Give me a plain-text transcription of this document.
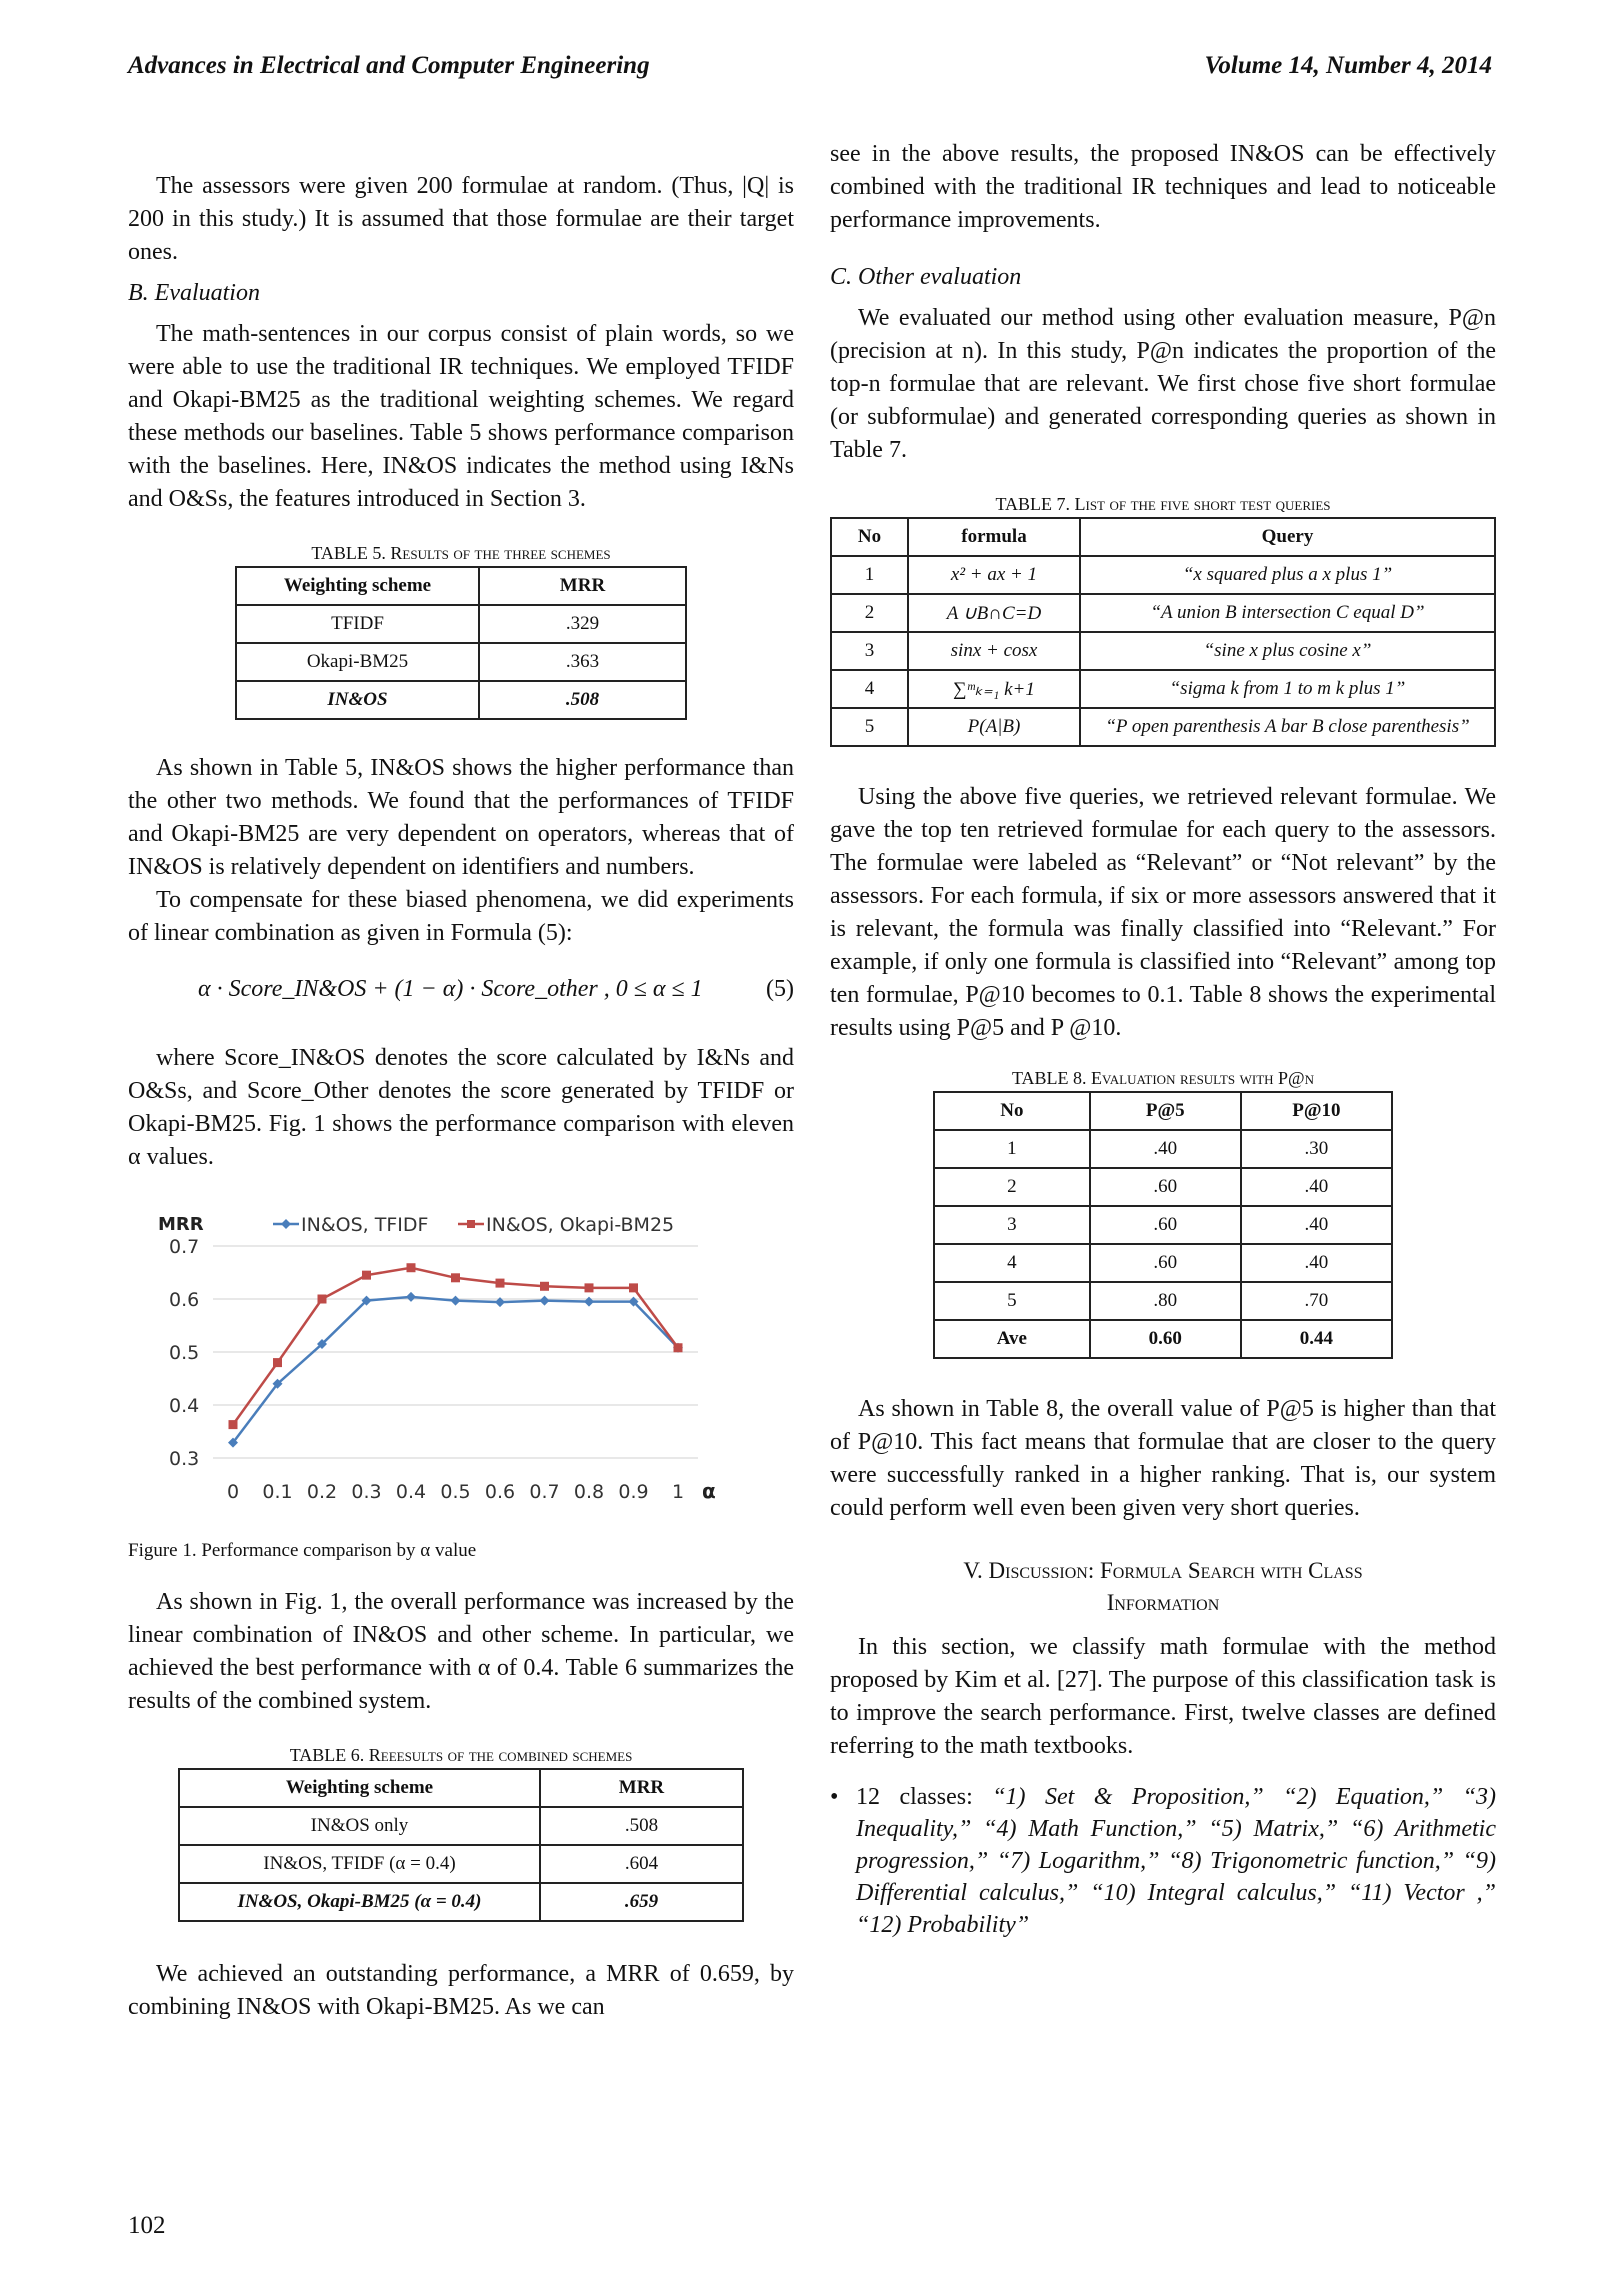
Advances in Electrical and Computer Engineering	Volume 14, Number 4, 2014

The assessors were given 200 formulae at random. (Thus, |Q| is 200 in this study.) It is assumed that those formulae are their target ones.

B. Evaluation

The math-sentences in our corpus consist of plain words, so we were able to use the traditional IR techniques. We employed TFIDF and Okapi-BM25 as the traditional weighting schemes. We regard these methods our baselines. Table 5 shows performance comparison with the baselines. Here, IN&OS indicates the method using I&Ns and O&Ss, the features introduced in Section 3.

TABLE 5. Results of the three schemes
Weighting scheme	MRR
TFIDF	.329
Okapi-BM25	.363
IN&OS	.508

As shown in Table 5, IN&OS shows the higher performance than the other two methods. We found that the performances of TFIDF and Okapi-BM25 are very dependent on operators, whereas that of IN&OS is relatively dependent on identifiers and numbers.

To compensate for these biased phenomena, we did experiments of linear combination as given in Formula (5):

α · Score_IN&OS + (1 − α) · Score_other , 0 ≤ α ≤ 1	(5)

where Score_IN&OS denotes the score calculated by I&Ns and O&Ss, and Score_Other denotes the score generated by TFIDF or Okapi-BM25. Fig. 1 shows the performance comparison with eleven α values.

0.3
0.4
0.5
0.6
0.7
0 0.1 0.2 0.3 0.4 0.5 0.6 0.7 0.8 0.9 1 α
MRR	IN&OS, TFIDF	IN&OS, Okapi-BM25
Figure 1. Performance comparison by α value

As shown in Fig. 1, the overall performance was increased by the linear combination of IN&OS and other scheme. In particular, we achieved the best performance with α of 0.4. Table 6 summarizes the results of the combined system.

TABLE 6. Reeesults of the combined schemes
Weighting scheme	MRR
IN&OS only	.508
IN&OS, TFIDF (α = 0.4)	.604
IN&OS, Okapi-BM25 (α = 0.4)	.659

We achieved an outstanding performance, a MRR of 0.659, by combining IN&OS with Okapi-BM25. As we can

see in the above results, the proposed IN&OS can be effectively combined with the traditional IR techniques and lead to noticeable performance improvements.

C. Other evaluation

We evaluated our method using other evaluation measure, P@n (precision at n). In this study, P@n indicates the proportion of the top-n formulae that are relevant. We first chose five short formulae (or subformulae) and generated corresponding queries as shown in Table 7.

TABLE 7. List of the five short test queries
No	formula	Query
1	x² + ax + 1	“x squared plus a x plus 1”
2	A ∪B∩C=D	“A union B intersection C equal D”
3	sinx + cosx	“sine x plus cosine x”
4	∑ᵐₖ₌₁ k+1	“sigma k from 1 to m k plus 1”
5	P(A|B)	“P open parenthesis A bar B close parenthesis”

Using the above five queries, we retrieved relevant formulae. We gave the top ten retrieved formulae for each query to the assessors. The formulae were labeled as “Relevant” or “Not relevant” by the assessors. For each formula, if six or more assessors answered that it is relevant, the formula was finally classified into “Relevant.” For example, if only one formula is classified into “Relevant” among top ten formulae, P@10 becomes to 0.1. Table 8 shows the experimental results using P@5 and P @10.

TABLE 8. Evaluation results with P@n
No	P@5	P@10
1	.40	.30
2	.60	.40
3	.60	.40
4	.60	.40
5	.80	.70
Ave	0.60	0.44

As shown in Table 8, the overall value of P@5 is higher than that of P@10. This fact means that formulae that are closer to the query were successfully ranked in a higher ranking. That is, our system could perform well even been given very short queries.

V. Discussion: Formula Search with Class
Information

In this section, we classify math formulae with the method proposed by Kim et al. [27]. The purpose of this classification task is to improve the search performance. First, twelve classes are defined referring to the math textbooks.

• 12 classes: “1) Set & Proposition,” “2) Equation,” “3) Inequality,” “4) Math Function,” “5) Matrix,” “6) Arithmetic progression,” “7) Logarithm,” “8) Trigonometric function,” “9) Differential calculus,” “10) Integral calculus,” “11) Vector ,” “12) Probability”
102
